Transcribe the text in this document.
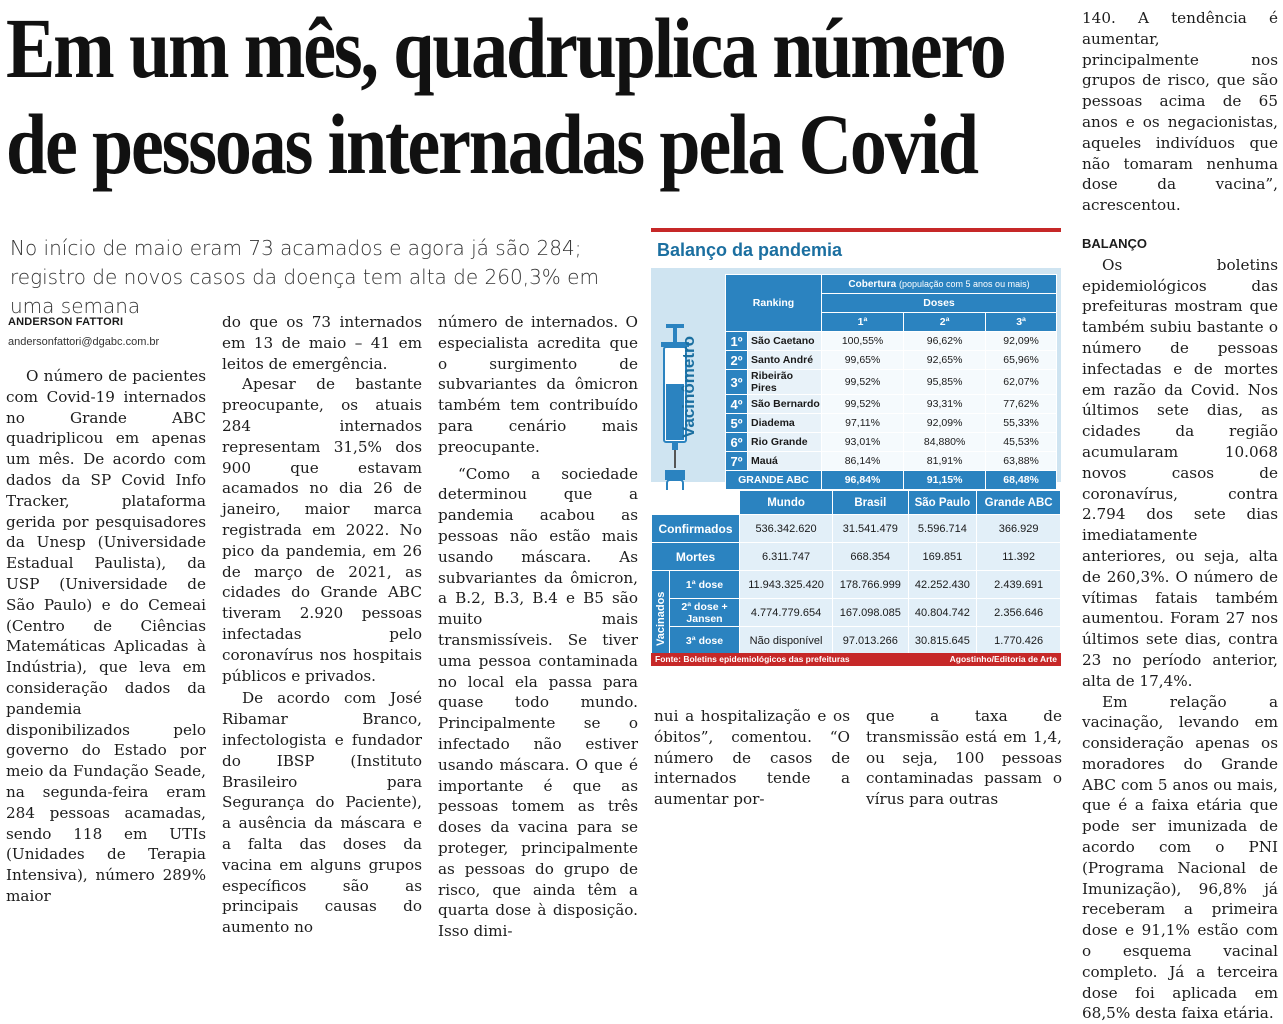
Em um mês, quadruplica número
de pessoas internadas pela Covid
No início de maio eram 73 acamados e agora já são 284; registro de novos casos da doença tem alta de 260,3% em uma semana
ANDERSON FATTORI
andersonfattori@dgabc.com.br

O número de pacientes com Covid-19 internados no Grande ABC quadriplicou em apenas um mês. De acordo com dados da SP Covid Info Tracker, plataforma gerida por pesquisadores da Unesp (Universidade Estadual Paulista), da USP (Universidade de São Paulo) e do Cemeai (Centro de Ciências Matemáticas Aplicadas à Indústria), que leva em consideração dados da pandemia disponibilizados pelo governo do Estado por meio da Fundação Seade, na segunda-feira eram 284 pessoas acamadas, sendo 118 em UTIs (Unidades de Terapia Intensiva), número 289% maior

do que os 73 internados em 13 de maio – 41 em leitos de emergência.

Apesar de bastante preocupante, os atuais 284 internados representam 31,5% dos 900 que estavam acamados no dia 26 de janeiro, maior marca registrada em 2022. No pico da pandemia, em 26 de março de 2021, as cidades do Grande ABC tiveram 2.920 pessoas infectadas pelo coronavírus nos hospitais públicos e privados.

De acordo com José Ribamar Branco, infectologista e fundador do IBSP (Instituto Brasileiro para Segurança do Paciente), a ausência da máscara e a falta das doses da vacina em alguns grupos específicos são as principais causas do aumento no

número de internados. O especialista acredita que o surgimento de subvariantes da ômicron também tem contribuído para cenário mais preocupante.

“Como a sociedade determinou que a pandemia acabou as pessoas não estão mais usando máscara. As subvariantes da ômicron, a B.2, B.3, B.4 e B5 são muito mais transmissíveis. Se tiver uma pessoa contaminada no local ela passa para quase todo mundo. Principalmente se o infectado não estiver usando máscara. O que é importante é que as pessoas tomem as três doses da vacina para se proteger, principalmente as pessoas do grupo de risco, que ainda têm a quarta dose à disposição. Isso dimi-

nui a hospitalização e os óbitos”, comentou. “O número de casos de internados tende a aumentar por-

que a taxa de transmissão está em 1,4, ou seja, 100 pessoas contaminadas passam o vírus para outras

140. A tendência é aumentar, principalmente nos grupos de risco, que são pessoas acima de 65 anos e os negacionistas, aqueles indivíduos que não tomaram nenhuma dose da vacina”, acrescentou.

BALANÇO

Os boletins epidemiológicos das prefeituras mostram que também subiu bastante o número de pessoas infectadas e de mortes em razão da Covid. Nos últimos sete dias, as cidades da região acumularam 10.068 novos casos de coronavírus, contra 2.794 dos sete dias imediatamente anteriores, ou seja, alta de 260,3%. O número de vítimas fatais também aumentou. Foram 27 nos últimos sete dias, contra 23 no período anterior, alta de 17,4%.

Em relação a vacinação, levando em consideração apenas os moradores do Grande ABC com 5 anos ou mais, que é a faixa etária que pode ser imunizada de acordo com o PNI (Programa Nacional de Imunização), 96,8% já receberam a primeira dose e 91,1% estão com o esquema vacinal completo. Já a terceira dose foi aplicada em 68,5% desta faixa etária.

Balanço da pandemia
Vacinômetro
Ranking		Cobertura (população com 5 anos ou mais)		
		Doses		
		1ª	2ª	3ª
1º	São Caetano	100,55%	96,62%	92,09%
2º	Santo André	99,65%	92,65%	65,96%
3º	Ribeirão Pires	99,52%	95,85%	62,07%
4º	São Bernardo	99,52%	93,31%	77,62%
5º	Diadema	97,11%	92,09%	55,33%
6º	Rio Grande	93,01%	84,880%	45,53%
7º	Mauá	86,14%	81,91%	63,88%
GRANDE ABC		96,84%	91,15%	68,48%
		Mundo	Brasil	São Paulo	Grande ABC
Confirmados		536.342.620	31.541.479	5.596.714	366.929
Mortes		6.311.747	668.354	169.851	11.392

Vacinados	1ª dose	11.943.325.420	178.766.999	42.252.430	2.439.691
	2ª dose + Jansen	4.774.779.654	167.098.085	40.804.742	2.356.646
	3ª dose	Não disponível	97.013.266	30.815.645	1.770.426
Fonte: Boletins epidemiológicos das prefeituras	Agostinho/Editoria de Arte
